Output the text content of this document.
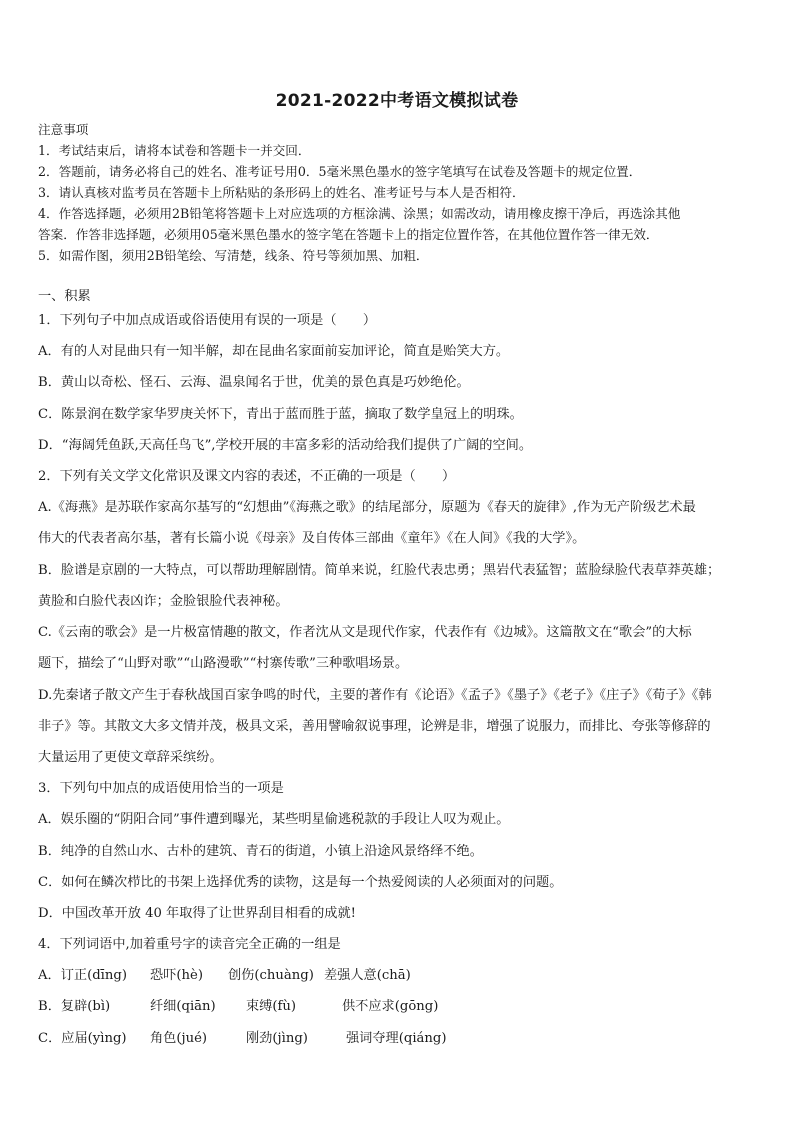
2021-2022中考语文模拟试卷
注意事项
1．考试结束后，请将本试卷和答题卡一并交回．
2．答题前，请务必将自己的姓名、准考证号用0．5毫米黑色墨水的签字笔填写在试卷及答题卡的规定位置．
3．请认真核对监考员在答题卡上所粘贴的条形码上的姓名、准考证号与本人是否相符．
4．作答选择题，必须用2B铅笔将答题卡上对应选项的方框涂满、涂黑；如需改动，请用橡皮擦干净后，再选涂其他
答案．作答非选择题，必须用05毫米黑色墨水的签字笔在答题卡上的指定位置作答，在其他位置作答一律无效．
5．如需作图，须用2B铅笔绘、写清楚，线条、符号等须加黑、加粗．
一、积累
1．下列句子中加点成语或俗语使用有误的一项是（　　）
A．有的人对昆曲只有一知半解，却在昆曲名家面前妄加评论，简直是贻笑大方。
B．黄山以奇松、怪石、云海、温泉闻名于世，优美的景色真是巧妙绝伦。
C．陈景润在数学家华罗庚关怀下，青出于蓝而胜于蓝，摘取了数学皇冠上的明珠。
D．“海阔凭鱼跃,天高任鸟飞”,学校开展的丰富多彩的活动给我们提供了广阔的空间。
2．下列有关文学文化常识及课文内容的表述，不正确的一项是（　　）
A.《海燕》是苏联作家高尔基写的“幻想曲”《海燕之歌》的结尾部分，原题为《春天的旋律》,作为无产阶级艺术最
伟大的代表者高尔基，著有长篇小说《母亲》及自传体三部曲《童年》《在人间》《我的大学》。
B．脸谱是京剧的一大特点，可以帮助理解剧情。简单来说，红脸代表忠勇；黑岩代表猛智；蓝脸绿脸代表草莽英雄；
黄脸和白脸代表凶诈；金脸银脸代表神秘。
C.《云南的歌会》是一片极富情趣的散文，作者沈从文是现代作家，代表作有《边城》。这篇散文在“歌会”的大标
题下，描绘了“山野对歌”“山路漫歌”“村寨传歌”三种歌唱场景。
D.先秦诸子散文产生于春秋战国百家争鸣的时代，主要的著作有《论语》《孟子》《墨子》《老子》《庄子》《荀子》《韩
非子》等。其散文大多文情并茂，极具文采，善用譬喻叙说事理，论辨是非，增强了说服力，而排比、夸张等修辞的
大量运用了更使文章辞采缤纷。
3．下列句中加点的成语使用恰当的一项是
A．娱乐圈的“阴阳合同”事件遭到曝光，某些明星偷逃税款的手段让人叹为观止。
B．纯净的自然山水、古朴的建筑、青石的街道，小镇上沿途风景络绎不绝。
C．如何在鳞次栉比的书架上选择优秀的读物，这是每一个热爱阅读的人必须面对的问题。
D．中国改革开放 40 年取得了让世界刮目相看的成就!
4．下列词语中,加着重号字的读音完全正确的一组是
A．订正(dīng) 恐吓(hè) 创伤(chuàng) 差强人意(chā)
B．复辟(bì)	纤细(qiān) 束缚(fù)	供不应求(gōng)
C．应届(yìng) 角色(jué)	刚劲(jìng)	强词夺理(qiáng)
